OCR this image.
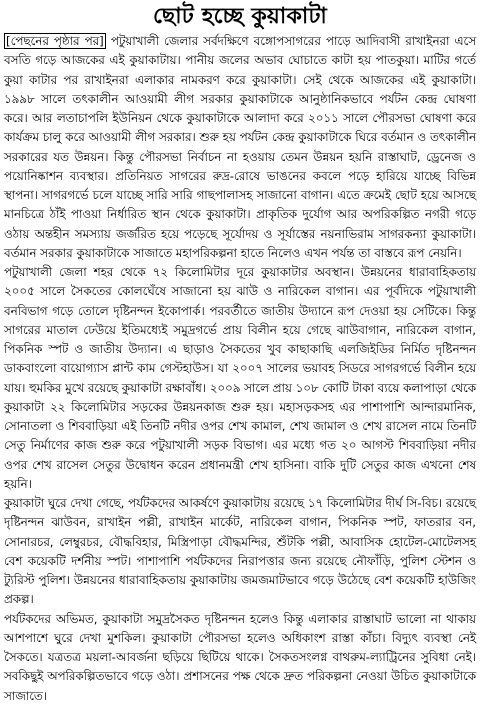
ছোট হচ্ছে কুয়াকাটা
[পেছনের পৃষ্ঠার পর] পটুয়াখালী জেলার সর্বদক্ষিণে বঙ্গোপসাগরের পাড়ে আদিবাসী রাখাইনরা এসে বসতি গড়ে আজকের এই কুয়াকাটায়। পানীয় জলের অভাব ঘোচাতে কাটা হয় পাতকুয়া। মাটির গর্তে কুয়া কাটার পর রাখাইনরা এলাকার নামকরণ করে কুয়াকাটা। সেই থেকে আজকের এই কুয়াকাটা। ১৯৯৮ সালে তৎকালীন আওয়ামী লীগ সরকার কুয়াকাটাকে আনুষ্ঠানিকভাবে পর্যটন কেন্দ্র ঘোষণা করে। আর লতাচাপলি ইউনিয়ন থেকে কুয়াকাটাকে আলাদা করে ২০১১ সালে পৌরসভা ঘোষণা করে কার্যক্রম চালু করে আওয়ামী লীগ সরকার। শুরু হয় পর্যটন কেন্দ্র কুয়াকাটাকে ঘিরে বর্তমান ও তৎকালীন সরকারের যত উন্নয়ন। কিন্তু পৌরসভা নির্বাচন না হওয়ায় তেমন উন্নয়ন হয়নি রাস্তাঘাট, ড্রেনেজ ও পয়োনিষ্কাশন ব্যবস্থার। প্রতিনিয়ত সাগরের রুদ্র-রোষে ভাঙনের কবলে পড়ে হারিয়ে যাচ্ছে বিভিন্ন স্থাপনা। সাগরগর্ভে চলে যাচ্ছে সারি সারি গাছপালাসহ সাজানো বাগান। এতে ক্রমেই ছোট হয়ে আসছে মানচিত্রে ঠাঁই পাওয়া নির্ধারিত স্থান থেকে কুয়াকাটা। প্রাকৃতিক দুর্যোগ আর অপরিকল্পিত নগরী গড়ে ওঠায় অন্তহীন সমস্যায় জর্জরিত হয়ে পড়েছে সূর্যোদয় ও সূর্যাস্তের নয়নাভিরাম সাগরকন্যা কুয়াকাটা। বর্তমান সরকার কুয়াকাটাকে সাজাতে মহাপরিকল্পনা হাতে নিলেও এখন পর্যন্ত তা বাস্তবে রূপ নেয়নি।
পটুয়াখালী জেলা শহর থেকে ৭২ কিলোমিটার দূরে কুয়াকাটার অবস্থান। উন্নয়নের ধারাবাহিকতায় ২০০৫ সালে সৈকতের কোলঘেঁষে সাজানো হয় ঝাউ ও নারিকেল বাগান। এর পূর্বদিকে পটুয়াখালী বনবিভাগ গড়ে তোলে দৃষ্টিনন্দন ইকোপার্ক। পরবর্তীতে জাতীয় উদ্যানে রূপ দেওয়া হয় সেটিকে। কিন্তু সাগরের মাতাল ঢেউয়ে ইতিমধ্যেই সমুদ্রগর্ভে প্রায় বিলীন হয়ে গেছে ঝাউবাগান, নারিকেল বাগান, পিকনিক স্পট ও জাতীয় উদ্যান। এ ছাড়াও সৈকতের খুব কাছাকাছি এলজিইডির নির্মিত দৃষ্টিনন্দন ডাকবাংলো বায়োগ্যাস প্লান্ট কাম গেস্টহাউস। যা ২০০৭ সালের ভয়াবহ সিডরে সাগরগর্ভে বিলীন হয়ে যায়। হুমকির মুখে রয়েছে কুয়াকাটা রক্ষাবাঁধ। ২০০৯ সালে প্রায় ১০৮ কোটি টাকা ব্যয়ে কলাপাড়া থেকে কুয়াকাটা ২২ কিলোমিটার সড়কের উন্নয়নকাজ শুরু হয়। মহাসড়কসহ এর পাশাপাশি আন্দারমানিক, সোনাতলা ও শিববাড়িয়া এই তিনটি নদীর ওপর শেখ কামাল, শেখ জামাল ও শেখ রাসেল নামে তিনটি সেতু নির্মাণের কাজ শুরু করে পটুয়াখালী সড়ক বিভাগ। এর মধ্যে গত ২০ আগস্ট শিববাড়িয়া নদীর ওপর শেখ রাসেল সেতুর উদ্বোধন করেন প্রধানমন্ত্রী শেখ হাসিনা। বাকি দুটি সেতুর কাজ এখনো শেষ হয়নি।
কুয়াকাটা ঘুরে দেখা গেছে, পর্যটকদের আকর্ষণে কুয়াকাটায় রয়েছে ১৭ কিলোমিটার দীর্ঘ সি-বিচ। রয়েছে দৃষ্টিনন্দন ঝাউবন, রাখাইন পল্লী, রাখাইন মার্কেট, নারিকেল বাগান, পিকনিক স্পট, ফাতরার বন, সোনারচর, লেম্বুরচর, বৌদ্ধবিহার, মিস্ত্রিপাড়া বৌদ্ধমন্দির, শুঁটকি পল্লী, আবাসিক হোটেল-মোটেলসহ বেশ কয়েকটি দর্শনীয় স্পট। পাশাপাশি পর্যটকদের নিরাপত্তার জন্য রয়েছে নৌফাঁড়ি, পুলিশ স্টেশন ও ট্যুরিস্ট পুলিশ। উন্নয়নের ধারাবাহিকতায় কুয়াকাটায় জমজমাটভাবে গড়ে উঠেছে বেশ কয়েকটি হাউজিং প্রকল্প।
পর্যটকদের অভিমত, কুয়াকাটা সমুদ্রসৈকত দৃষ্টিনন্দন হলেও কিন্তু এলাকার রাস্তাঘাট ভালো না থাকায় আশপাশে ঘুরে দেখা মুশকিল। কুয়াকাটা পৌরসভা হলেও অধিকাংশ রাস্তা কাঁচা। বিদ্যুৎ ব্যবস্থা নেই সৈকতে। যত্রতত্র ময়লা-আবর্জনা ছড়িয়ে ছিটিয়ে থাকে। সৈকতসংলগ্ন বাথরুম-ল্যাট্রিনের সুবিধা নেই। সবকিছুই অপরিকল্পিতভাবে গড়ে ওঠা। প্রশাসনের পক্ষ থেকে দ্রুত পরিকল্পনা নেওয়া উচিত কুয়াকাটাকে সাজাতে।
